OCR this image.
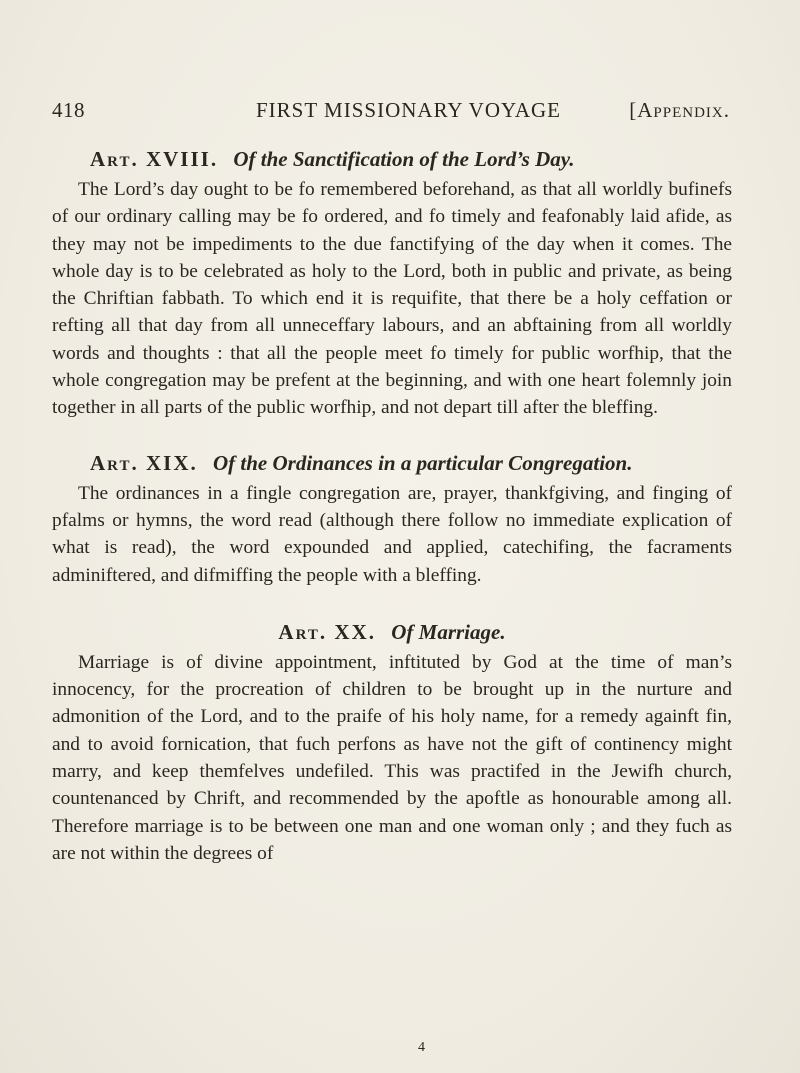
418	FIRST MISSIONARY VOYAGE	[Appendix.
Art. XVIII. Of the Sanctification of the Lord’s Day.

The Lord’s day ought to be fo remembered beforehand, as that all worldly bufinefs of our ordinary calling may be fo ordered, and fo timely and feafonably laid afide, as they may not be impediments to the due fanctifying of the day when it comes. The whole day is to be celebrated as holy to the Lord, both in public and private, as being the Chriftian fabbath. To which end it is requifite, that there be a holy ceffation or refting all that day from all unneceffary labours, and an abftaining from all worldly words and thoughts : that all the people meet fo timely for public worfhip, that the whole congregation may be prefent at the beginning, and with one heart folemnly join together in all parts of the public worfhip, and not depart till after the bleffing.

Art. XIX. Of the Ordinances in a particular Congregation.

The ordinances in a fingle congregation are, prayer, thankfgiving, and finging of pfalms or hymns, the word read (although there follow no immediate explication of what is read), the word expounded and applied, catechifing, the facraments adminiftered, and difmiffing the people with a bleffing.

Art. XX. Of Marriage.

Marriage is of divine appointment, inftituted by God at the time of man’s innocency, for the procreation of children to be brought up in the nurture and admonition of the Lord, and to the praife of his holy name, for a remedy againft fin, and to avoid fornication, that fuch perfons as have not the gift of continency might marry, and keep themfelves undefiled. This was practifed in the Jewifh church, countenanced by Chrift, and recommended by the apoftle as honourable among all. Therefore marriage is to be between one man and one woman only ; and they fuch as are not within the degrees of

4
